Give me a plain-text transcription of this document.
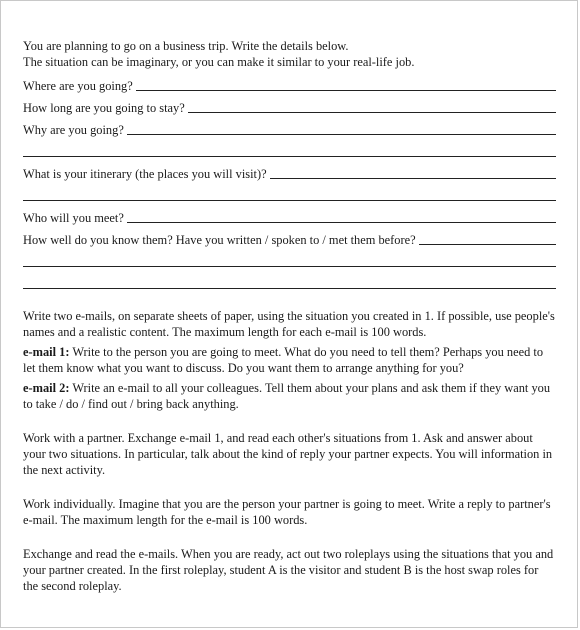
You are planning to go on a business trip. Write the details below.

The situation can be imaginary, or you can make it similar to your real-life job.

Where are you going?
How long are you going to stay?
Why are you going?
What is your itinerary (the places you will visit)?
Who will you meet?
How well do you know them? Have you written / spoken to / met them before?

Write two e-mails, on separate sheets of paper, using the situation you created in 1. If possible, use people's names and a realistic content. The maximum length for each e-mail is 100 words.

e-mail 1: Write to the person you are going to meet. What do you need to tell them? Perhaps you need to let them know what you want to discuss. Do you want them to arrange anything for you?

e-mail 2: Write an e-mail to all your colleagues. Tell them about your plans and ask them if they want you to take / do / find out / bring back anything.

Work with a partner. Exchange e-mail 1, and read each other's situations from 1. Ask and answer about your two situations. In particular, talk about the kind of reply your partner expects. You will information in the next activity.

Work individually. Imagine that you are the person your partner is going to meet. Write a reply to partner's e-mail. The maximum length for the e-mail is 100 words.

Exchange and read the e-mails. When you are ready, act out two roleplays using the situations that you and your partner created. In the first roleplay, student A is the visitor and student B is the host swap roles for the second roleplay.
